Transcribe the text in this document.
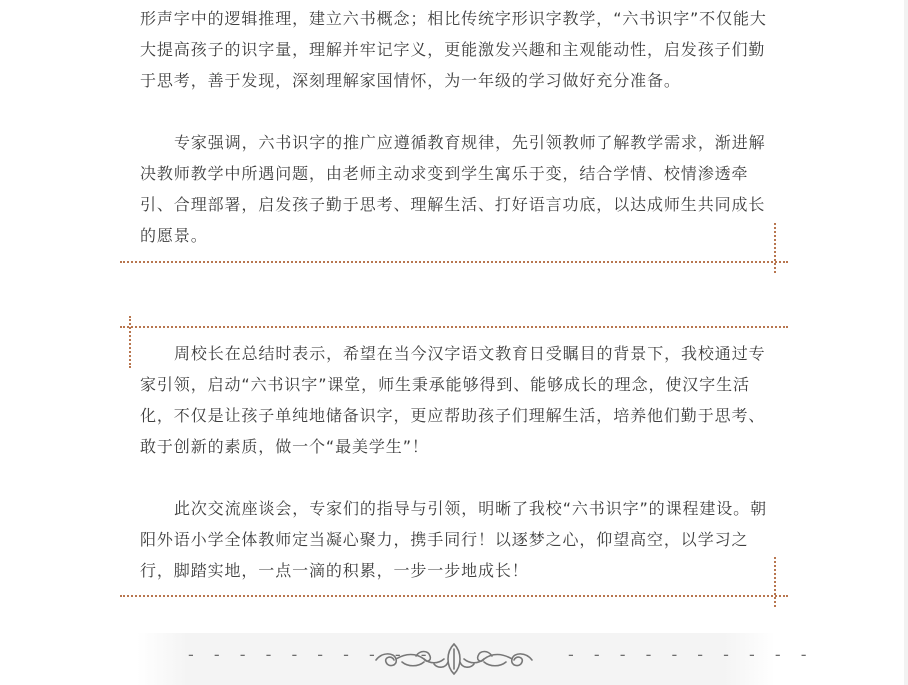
形声字中的逻辑推理，建立六书概念；相比传统字形识字教学，“六书识字”不仅能大大提高孩子的识字量，理解并牢记字义，更能激发兴趣和主观能动性，启发孩子们勤于思考，善于发现，深刻理解家国情怀，为一年级的学习做好充分准备。

专家强调，六书识字的推广应遵循教育规律，先引领教师了解教学需求，渐进解决教师教学中所遇问题，由老师主动求变到学生寓乐于变，结合学情、校情渗透牵引、合理部署，启发孩子勤于思考、理解生活、打好语言功底，以达成师生共同成长的愿景。

周校长在总结时表示，希望在当今汉字语文教育日受瞩目的背景下，我校通过专家引领，启动“六书识字”课堂，师生秉承能够得到、能够成长的理念，使汉字生活化，不仅是让孩子单纯地储备识字，更应帮助孩子们理解生活，培养他们勤于思考、敢于创新的素质，做一个“最美学生”！

此次交流座谈会，专家们的指导与引领，明晰了我校“六书识字”的课程建设。朝阳外语小学全体教师定当凝心聚力，携手同行！以逐梦之心，仰望高空，以学习之行，脚踏实地，一点一滴的积累，一步一步地成长！

- - - - - - - - - -	- - - - - - - - - -
